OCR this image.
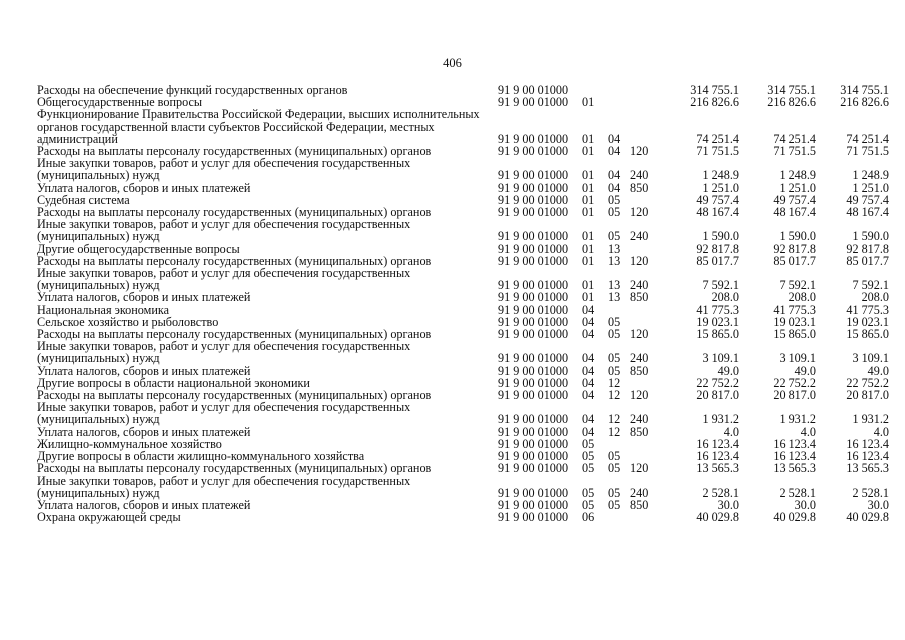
406
Расходы на обеспечение функций государственных органов	91 9 00 01000				314 755.1	314 755.1	314 755.1
Общегосударственные вопросы	91 9 00 01000	01			216 826.6	216 826.6	216 826.6
Функционирование Правительства Российской Федерации, высших исполнительных органов государственной власти субъектов Российской Федерации, местных администраций	91 9 00 01000	01	04		74 251.4	74 251.4	74 251.4
Расходы на выплаты персоналу государственных (муниципальных) органов	91 9 00 01000	01	04	120	71 751.5	71 751.5	71 751.5
Иные закупки товаров, работ и услуг для обеспечения государственных (муниципальных) нужд	91 9 00 01000	01	04	240	1 248.9	1 248.9	1 248.9
Уплата налогов, сборов и иных платежей	91 9 00 01000	01	04	850	1 251.0	1 251.0	1 251.0
Судебная система	91 9 00 01000	01	05		49 757.4	49 757.4	49 757.4
Расходы на выплаты персоналу государственных (муниципальных) органов	91 9 00 01000	01	05	120	48 167.4	48 167.4	48 167.4
Иные закупки товаров, работ и услуг для обеспечения государственных (муниципальных) нужд	91 9 00 01000	01	05	240	1 590.0	1 590.0	1 590.0
Другие общегосударственные вопросы	91 9 00 01000	01	13		92 817.8	92 817.8	92 817.8
Расходы на выплаты персоналу государственных (муниципальных) органов	91 9 00 01000	01	13	120	85 017.7	85 017.7	85 017.7
Иные закупки товаров, работ и услуг для обеспечения государственных (муниципальных) нужд	91 9 00 01000	01	13	240	7 592.1	7 592.1	7 592.1
Уплата налогов, сборов и иных платежей	91 9 00 01000	01	13	850	208.0	208.0	208.0
Национальная экономика	91 9 00 01000	04			41 775.3	41 775.3	41 775.3
Сельское хозяйство и рыболовство	91 9 00 01000	04	05		19 023.1	19 023.1	19 023.1
Расходы на выплаты персоналу государственных (муниципальных) органов	91 9 00 01000	04	05	120	15 865.0	15 865.0	15 865.0
Иные закупки товаров, работ и услуг для обеспечения государственных (муниципальных) нужд	91 9 00 01000	04	05	240	3 109.1	3 109.1	3 109.1
Уплата налогов, сборов и иных платежей	91 9 00 01000	04	05	850	49.0	49.0	49.0
Другие вопросы в области национальной экономики	91 9 00 01000	04	12		22 752.2	22 752.2	22 752.2
Расходы на выплаты персоналу государственных (муниципальных) органов	91 9 00 01000	04	12	120	20 817.0	20 817.0	20 817.0
Иные закупки товаров, работ и услуг для обеспечения государственных (муниципальных) нужд	91 9 00 01000	04	12	240	1 931.2	1 931.2	1 931.2
Уплата налогов, сборов и иных платежей	91 9 00 01000	04	12	850	4.0	4.0	4.0
Жилищно-коммунальное хозяйство	91 9 00 01000	05			16 123.4	16 123.4	16 123.4
Другие вопросы в области жилищно-коммунального хозяйства	91 9 00 01000	05	05		16 123.4	16 123.4	16 123.4
Расходы на выплаты персоналу государственных (муниципальных) органов	91 9 00 01000	05	05	120	13 565.3	13 565.3	13 565.3
Иные закупки товаров, работ и услуг для обеспечения государственных (муниципальных) нужд	91 9 00 01000	05	05	240	2 528.1	2 528.1	2 528.1
Уплата налогов, сборов и иных платежей	91 9 00 01000	05	05	850	30.0	30.0	30.0
Охрана окружающей среды	91 9 00 01000	06			40 029.8	40 029.8	40 029.8
